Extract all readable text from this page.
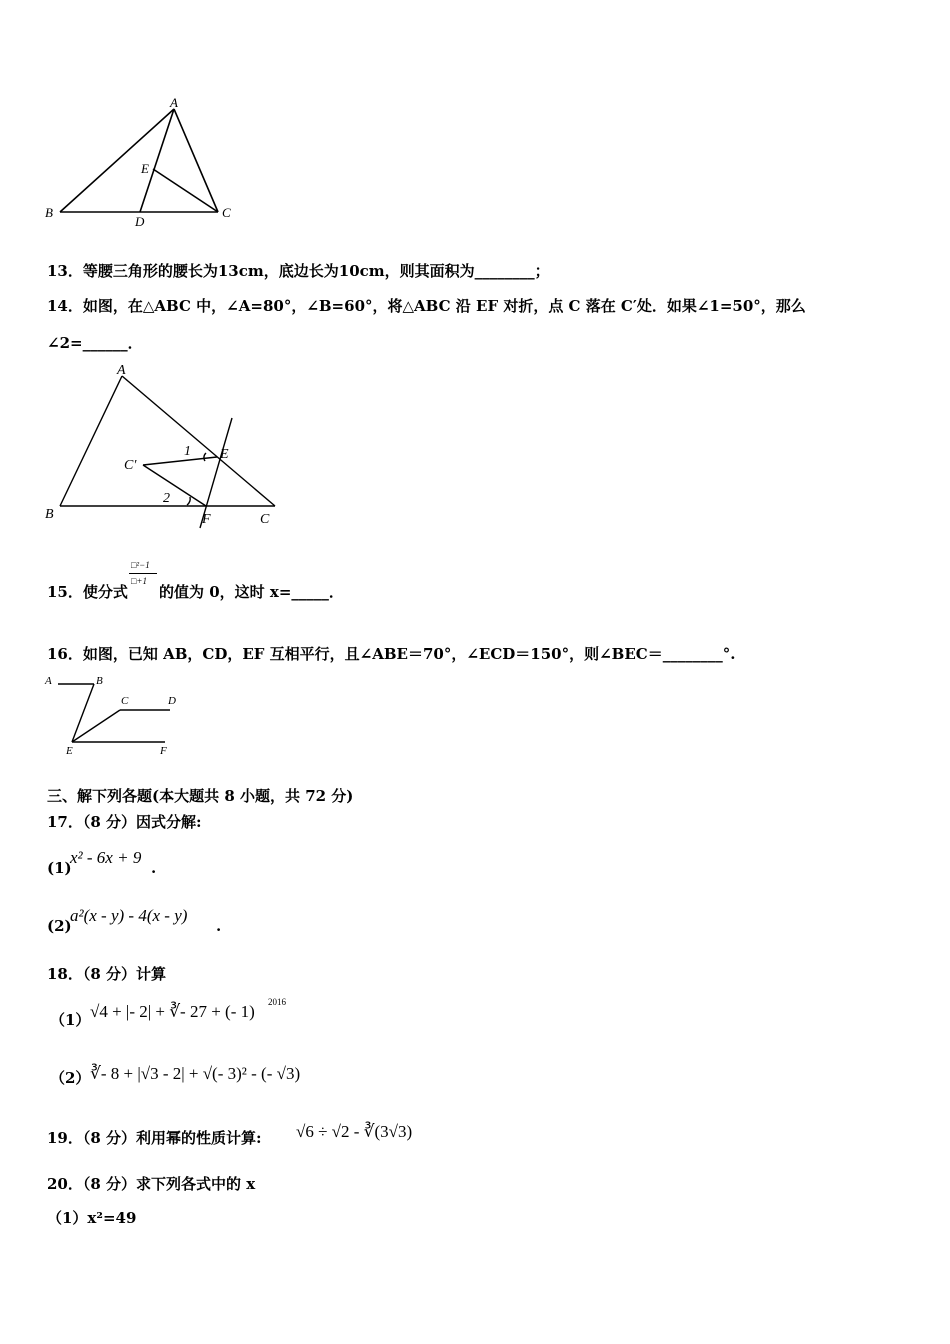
A
E
B
D
C
13．等腰三角形的腰长为13cm，底边长为10cm，则其面积为________；
14．如图，在△ABC 中，∠A=80°，∠B=60°，将△ABC 沿 EF 对折，点 C 落在 C′处．如果∠1=50°，那么
∠2=______．
A
1 E
C′
2
B	F	C
□²−1
□+1
15．使分式 的值为 0，这时 x=_____．
16．如图，已知 AB，CD，EF 互相平行，且∠ABE＝70°，∠ECD＝150°，则∠BEC＝________°.
A	B
C	D
E	F
三、解下列各题(本大题共 8 小题，共 72 分)
17．（8 分）因式分解:
(1)
x² - 6x + 9
.
(2)
a²(x - y) - 4(x - y)
.
18．（8 分）计算
（1） √4 + |- 2| + ∛- 27 + (- 1) 2016
（2） ∛- 8 + |√3 - 2| + √(- 3)² - (- √3)
19．（8 分）利用幂的性质计算: √6 ÷ √2 - ∛(3√3)
20．（8 分）求下列各式中的 x
（1）x²=49
